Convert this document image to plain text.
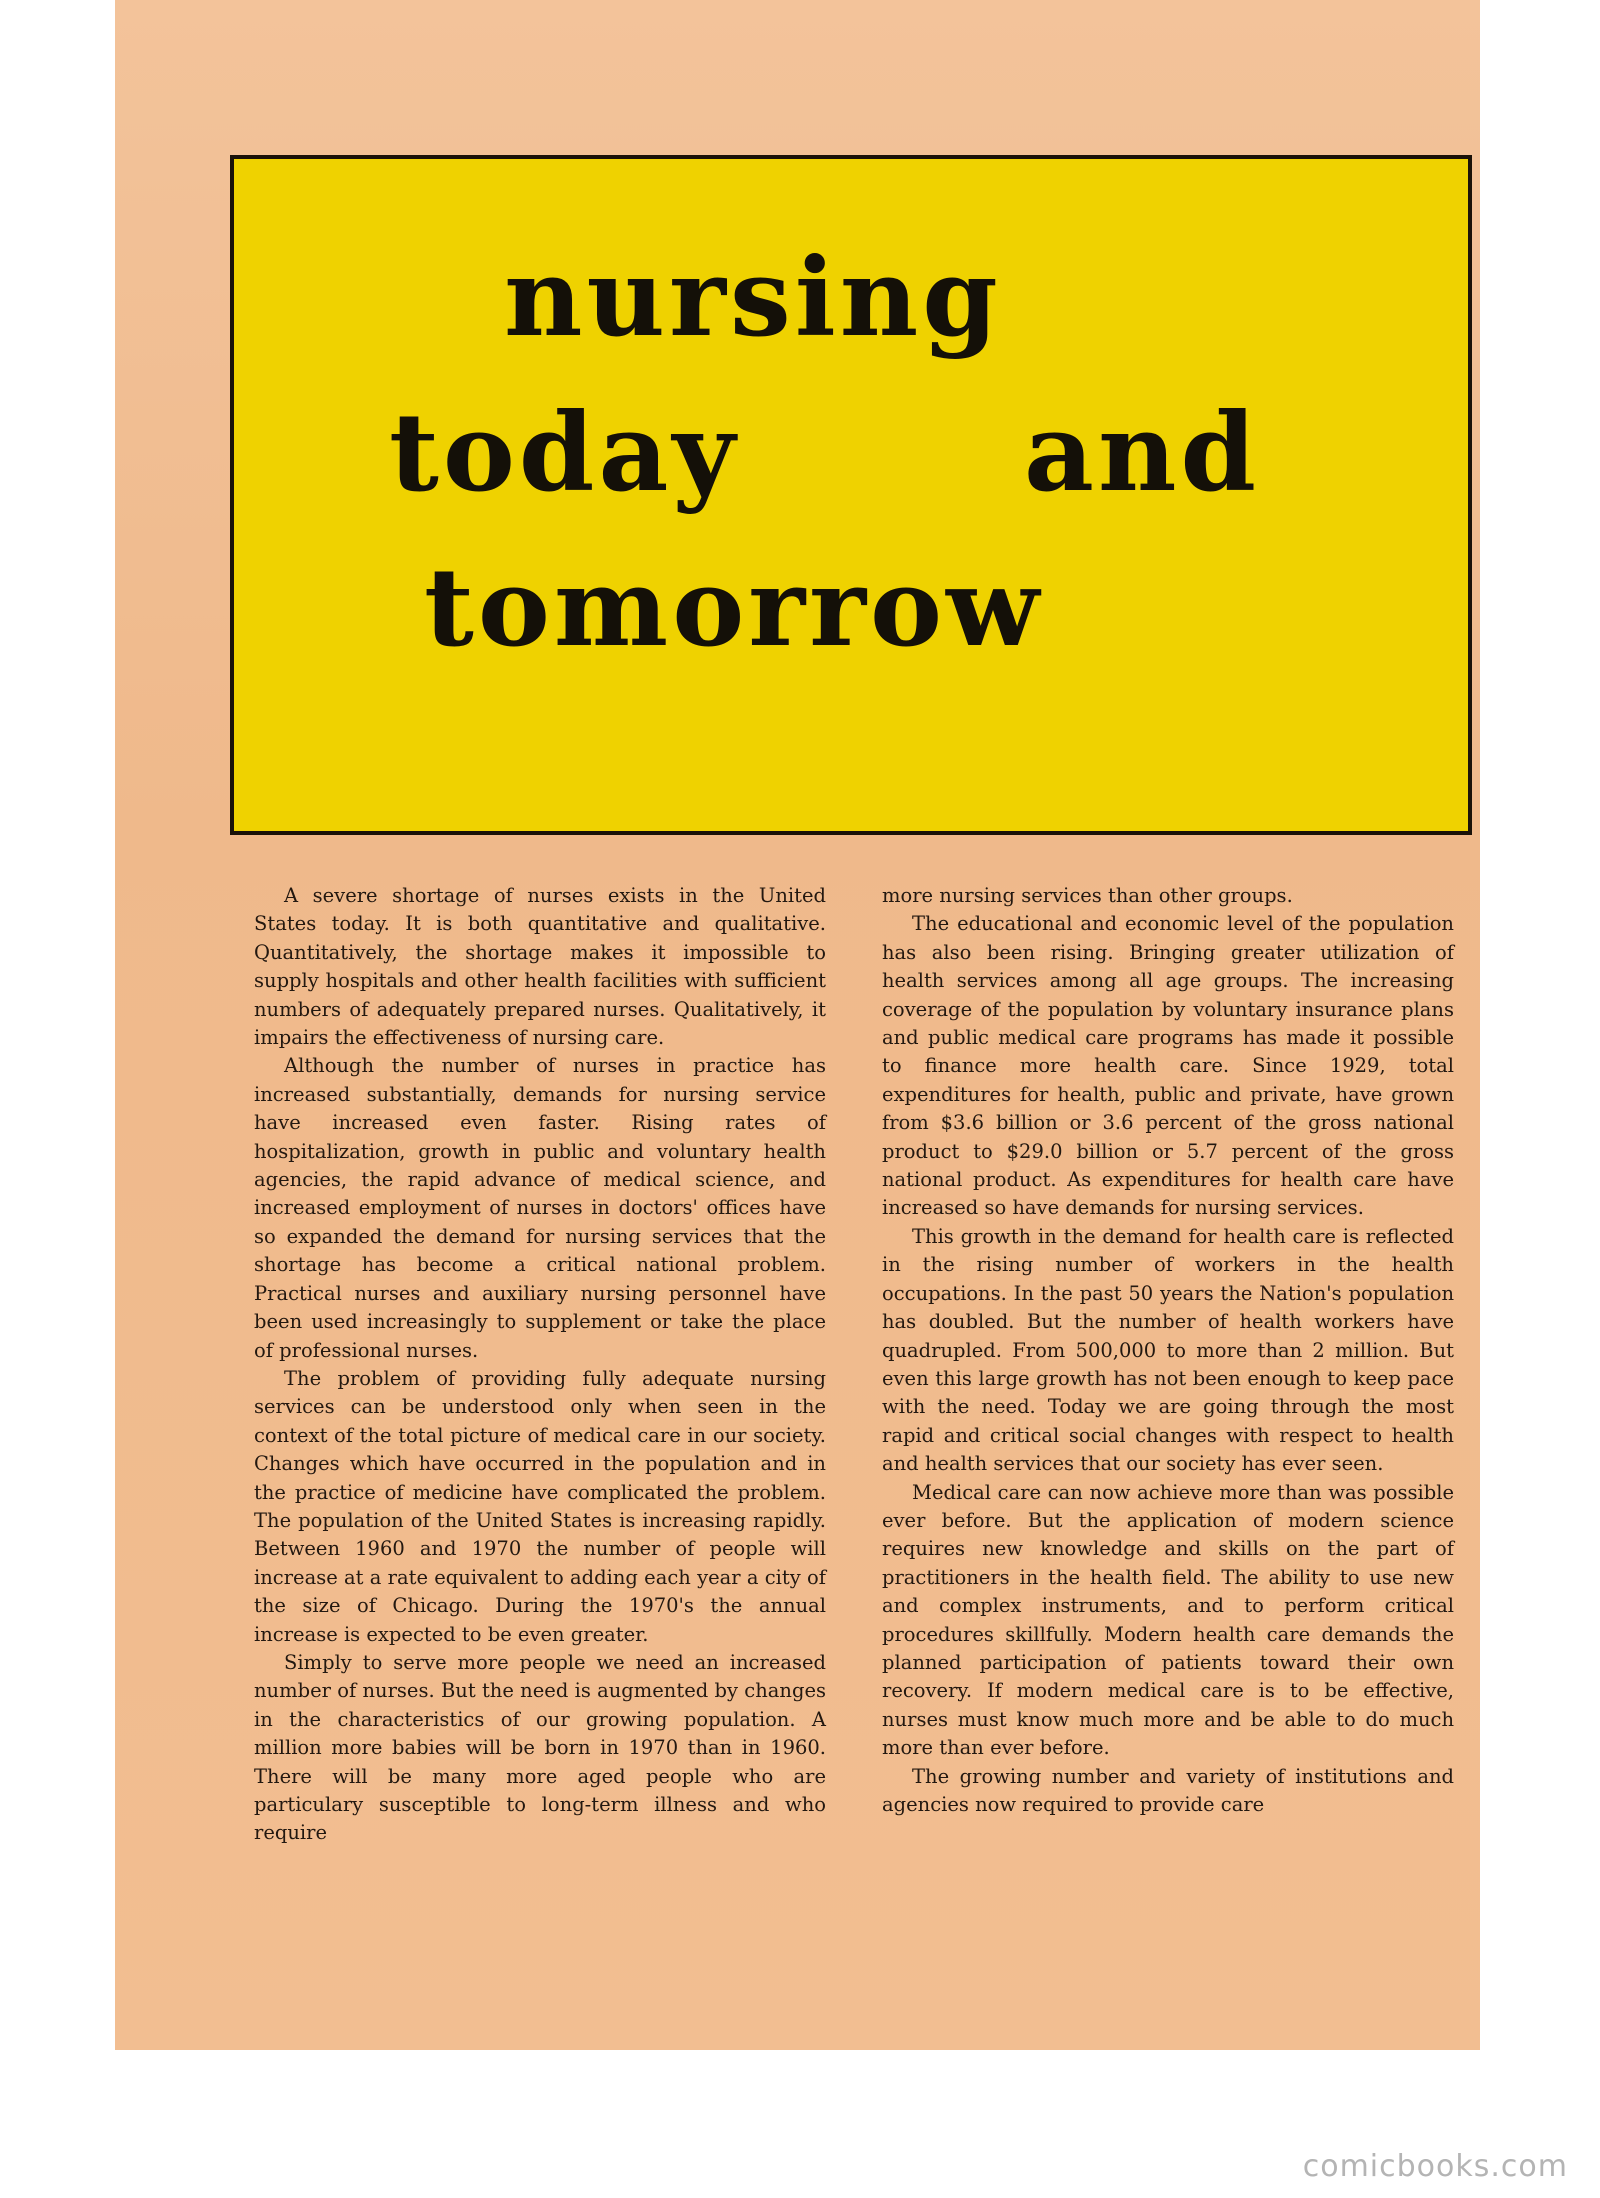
nursing
today	and
tomorrow

A severe shortage of nurses exists in the United States today. It is both quantitative and qualitative. Quantitatively, the shortage makes it impossible to supply hospitals and other health facilities with sufficient numbers of adequately prepared nurses. Qualitatively, it impairs the effectiveness of nursing care.

Although the number of nurses in practice has increased substantially, demands for nursing service have increased even faster. Rising rates of hospitalization, growth in public and voluntary health agencies, the rapid advance of medical science, and increased employment of nurses in doctors' offices have so expanded the demand for nursing services that the shortage has become a critical national problem. Practical nurses and auxiliary nursing personnel have been used increasingly to supplement or take the place of professional nurses.

The problem of providing fully adequate nursing services can be understood only when seen in the context of the total picture of medical care in our society. Changes which have occurred in the population and in the practice of medicine have complicated the problem. The population of the United States is increasing rapidly. Between 1960 and 1970 the number of people will increase at a rate equivalent to adding each year a city of the size of Chicago. During the 1970's the annual increase is expected to be even greater.

Simply to serve more people we need an increased number of nurses. But the need is augmented by changes in the characteristics of our growing population. A million more babies will be born in 1970 than in 1960. There will be many more aged people who are particulary susceptible to long-term illness and who require

more nursing services than other groups.

The educational and economic level of the population has also been rising. Bringing greater utilization of health services among all age groups. The increasing coverage of the population by voluntary insurance plans and public medical care programs has made it possible to finance more health care. Since 1929, total expenditures for health, public and private, have grown from $3.6 billion or 3.6 percent of the gross national product to $29.0 billion or 5.7 percent of the gross national product. As expenditures for health care have increased so have demands for nursing services.

This growth in the demand for health care is reflected in the rising number of workers in the health occupations. In the past 50 years the Nation's population has doubled. But the number of health workers have quadrupled. From 500,000 to more than 2 million. But even this large growth has not been enough to keep pace with the need. Today we are going through the most rapid and critical social changes with respect to health and health services that our society has ever seen.

Medical care can now achieve more than was possible ever before. But the application of modern science requires new knowledge and skills on the part of practitioners in the health field. The ability to use new and complex instruments, and to perform critical procedures skillfully. Modern health care demands the planned participation of patients toward their own recovery. If modern medical care is to be effective, nurses must know much more and be able to do much more than ever before.

The growing number and variety of institutions and agencies now required to provide care

comicbooks.com
